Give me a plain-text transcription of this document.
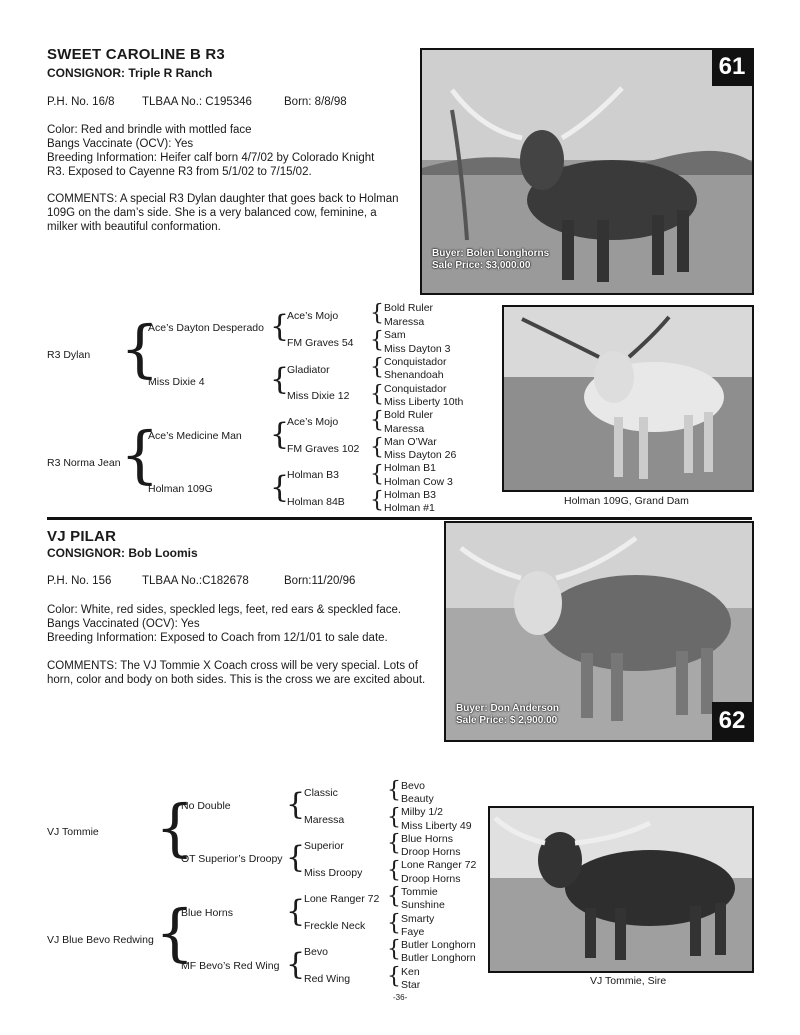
SWEET CAROLINE B R3
CONSIGNOR: Triple R Ranch
P.H. No. 16/8 TLBAA No.: C195346	Born: 8/8/98
Color: Red and brindle with mottled face
Bangs Vaccinate (OCV): Yes
Breeding Information: Heifer calf born 4/7/02 by Colorado Knight
R3. Exposed to Cayenne R3 from 5/1/02 to 7/15/02.
COMMENTS: A special R3 Dylan daughter that goes back to Holman
109G on the dam’s side. She is a very balanced cow, feminine, a
milker with beautiful conformation.
Buyer: Bolen Longhorns
Sale Price: $3,000.00
61
R3 Dylan
R3 Norma Jean
{
{
Ace’s Dayton Desperado
Miss Dixie 4
Ace’s Medicine Man
Holman 109G
{
{
{
{
Ace’s Mojo
FM Graves 54
Gladiator
Miss Dixie 12
Ace’s Mojo
FM Graves 102
Holman B3
Holman 84B
{
{
{
{
{
{
{
{
Bold Ruler
Maressa
Sam
Miss Dayton 3
Conquistador
Shenandoah
Conquistador
Miss Liberty 10th
Bold Ruler
Maressa
Man O’War
Miss Dayton 26
Holman B1
Holman Cow 3
Holman B3
Holman #1
Holman 109G, Grand Dam
VJ PILAR
CONSIGNOR: Bob Loomis
P.H. No. 156	TLBAA No.:C182678	Born:11/20/96
Color: White, red sides, speckled legs, feet, red ears & speckled face.
Bangs Vaccinated (OCV): Yes
Breeding Information: Exposed to Coach from 12/1/01 to sale date.
COMMENTS: The VJ Tommie X Coach cross will be very special. Lots of
horn, color and body on both sides. This is the cross we are excited about.
Buyer: Don Anderson
Sale Price: $ 2,900.00	62
VJ Tommie
VJ Blue Bevo Redwing
{
{
No Double
OT Superior’s Droopy
Blue Horns
MF Bevo’s Red Wing
{
{
{
{
Classic
Maressa
Superior
Miss Droopy
Lone Ranger 72
Freckle Neck
Bevo
Red Wing
{
{
{
{
{
{
{
{
Bevo
Beauty
Milby 1/2
Miss Liberty 49
Blue Horns
Droop Horns
Lone Ranger 72
Droop Horns
Tommie
Sunshine
Smarty
Faye
Butler Longhorn
Butler Longhorn
Ken
Star	VJ Tommie, Sire
-36-
